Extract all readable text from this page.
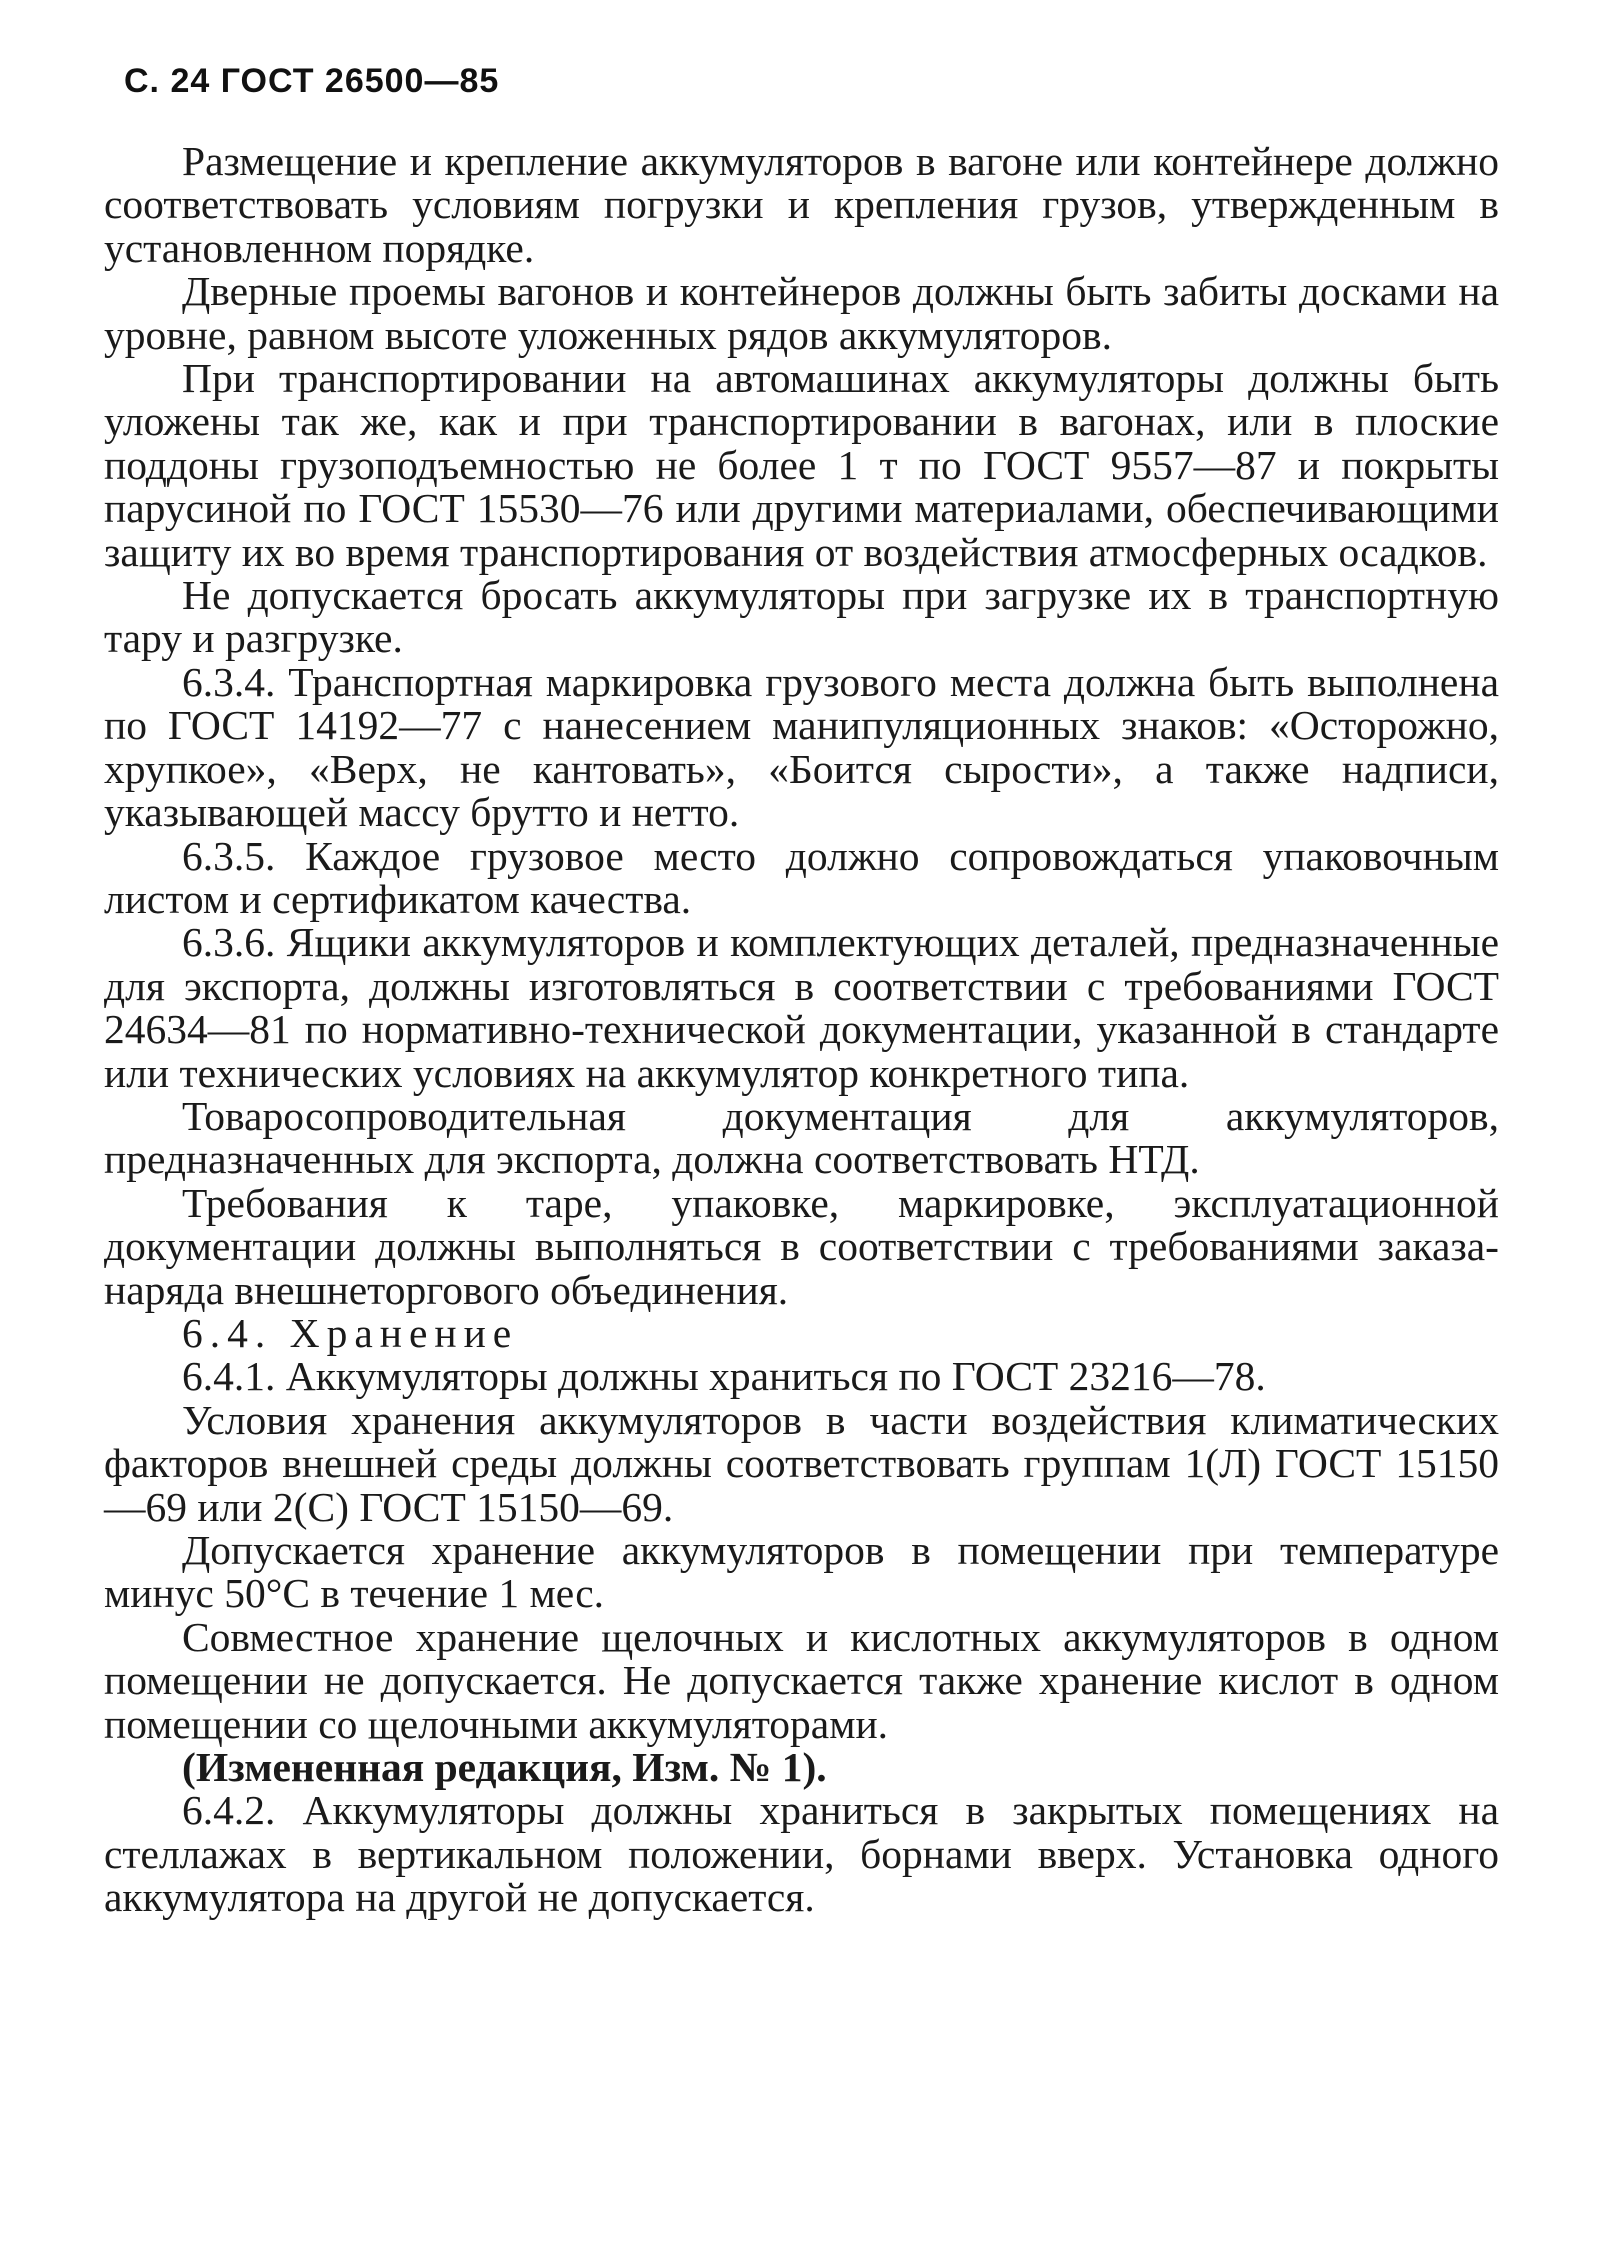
С. 24 ГОСТ 26500—85

Размещение и крепление аккумуляторов в вагоне или контейнере должно соответствовать условиям погрузки и крепления грузов, утвержденным в установленном порядке.

Дверные проемы вагонов и контейнеров должны быть забиты досками на уровне, равном высоте уложенных рядов аккумуляторов.

При транспортировании на автомашинах аккумуляторы должны быть уложены так же, как и при транспортировании в вагонах, или в плоские поддоны грузоподъемностью не более 1 т по ГОСТ 9557—87 и покрыты парусиной по ГОСТ 15530—76 или другими материалами, обеспечивающими защиту их во время транспортирования от воздействия атмосферных осадков.

Не допускается бросать аккумуляторы при загрузке их в транспортную тару и разгрузке.

6.3.4. Транспортная маркировка грузового места должна быть выполнена по ГОСТ 14192—77 с нанесением манипуляционных знаков: «Осторожно, хрупкое», «Верх, не кантовать», «Боится сырости», а также надписи, указывающей массу брутто и нетто.

6.3.5. Каждое грузовое место должно сопровождаться упаковочным листом и сертификатом качества.

6.3.6. Ящики аккумуляторов и комплектующих деталей, предназначенные для экспорта, должны изготовляться в соответствии с требованиями ГОСТ 24634—81 по нормативно-технической документации, указанной в стандарте или технических условиях на аккумулятор конкретного типа.

Товаросопроводительная документация для аккумуляторов, предназначенных для экспорта, должна соответствовать НТД.

Требования к таре, упаковке, маркировке, эксплуатационной документации должны выполняться в соответствии с требованиями заказа-наряда внешнеторгового объединения.

6.4. Хранение

6.4.1. Аккумуляторы должны храниться по ГОСТ 23216—78.

Условия хранения аккумуляторов в части воздействия климатических факторов внешней среды должны соответствовать группам 1(Л) ГОСТ 15150—69 или 2(С) ГОСТ 15150—69.

Допускается хранение аккумуляторов в помещении при температуре минус 50°С в течение 1 мес.

Совместное хранение щелочных и кислотных аккумуляторов в одном помещении не допускается. Не допускается также хранение кислот в одном помещении со щелочными аккумуляторами.

(Измененная редакция, Изм. № 1).

6.4.2. Аккумуляторы должны храниться в закрытых помещениях на стеллажах в вертикальном положении, борнами вверх. Установка одного аккумулятора на другой не допускается.
